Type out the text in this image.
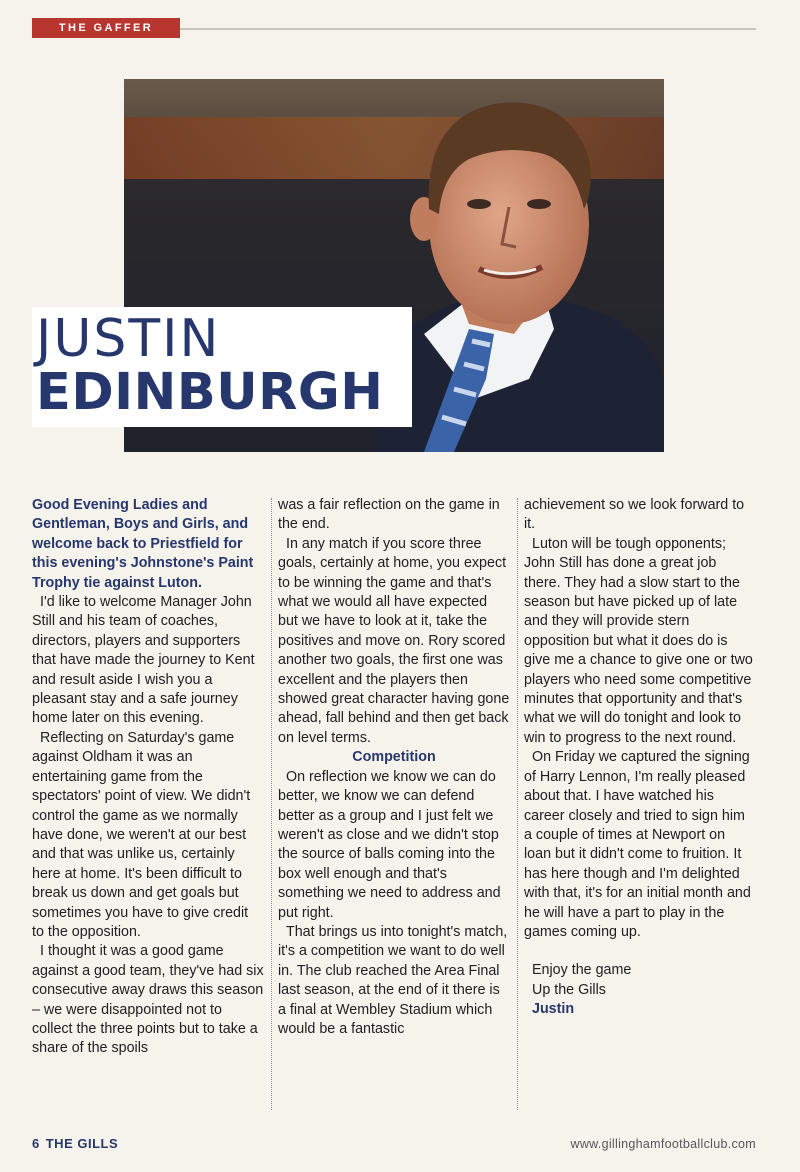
THE GAFFER
JUSTIN
EDINBURGH

Good Evening Ladies and Gentleman, Boys and Girls, and welcome back to Priestfield for this evening's Johnstone's Paint Trophy tie against Luton.

I'd like to welcome Manager John Still and his team of coaches, directors, players and supporters that have made the journey to Kent and result aside I wish you a pleasant stay and a safe journey home later on this evening.

Reflecting on Saturday's game against Oldham it was an entertaining game from the spectators' point of view. We didn't control the game as we normally have done, we weren't at our best and that was unlike us, certainly here at home. It's been difficult to break us down and get goals but sometimes you have to give credit to the opposition.

I thought it was a good game against a good team, they've had six consecutive away draws this season – we were disappointed not to collect the three points but to take a share of the spoils

was a fair reflection on the game in the end.

In any match if you score three goals, certainly at home, you expect to be winning the game and that's what we would all have expected but we have to look at it, take the positives and move on. Rory scored another two goals, the first one was excellent and the players then showed great character having gone ahead, fall behind and then get back on level terms.

Competition

On reflection we know we can do better, we know we can defend better as a group and I just felt we weren't as close and we didn't stop the source of balls coming into the box well enough and that's something we need to address and put right.

That brings us into tonight's match, it's a competition we want to do well in. The club reached the Area Final last season, at the end of it there is a final at Wembley Stadium which would be a fantastic

achievement so we look forward to it.

Luton will be tough opponents; John Still has done a great job there. They had a slow start to the season but have picked up of late and they will provide stern opposition but what it does do is give me a chance to give one or two players who need some competitive minutes that opportunity and that's what we will do tonight and look to win to progress to the next round.

On Friday we captured the signing of Harry Lennon, I'm really pleased about that. I have watched his career closely and tried to sign him a couple of times at Newport on loan but it didn't come to fruition. It has here though and I'm delighted with that, it's for an initial month and he will have a part to play in the games coming up.

Enjoy the game

Up the Gills

Justin

6 THE GILLS	www.gillinghamfootballclub.com
